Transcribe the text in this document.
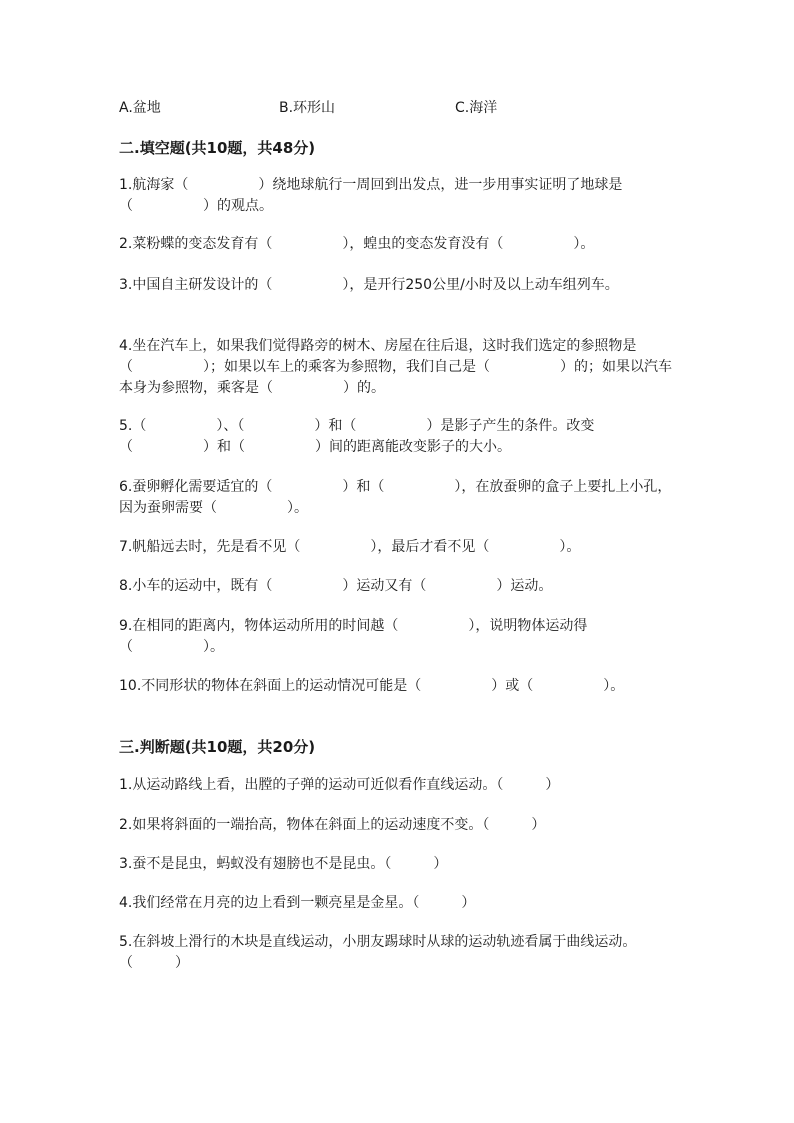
A.盆地	B.环形山	C.海洋
二.填空题(共10题，共48分)
1.航海家（　　　　　）绕地球航行一周回到出发点，进一步用事实证明了地球是（　　　　　）的观点。
2.菜粉蝶的变态发育有（　　　　　），蝗虫的变态发育没有（　　　　　）。
3.中国自主研发设计的（　　　　　），是开行250公里/小时及以上动车组列车。
4.坐在汽车上，如果我们觉得路旁的树木、房屋在往后退，这时我们选定的参照物是（　　　　　）；如果以车上的乘客为参照物，我们自己是（　　　　　）的；如果以汽车本身为参照物，乘客是（　　　　　）的。
5.（　　　　　）、（　　　　　）和（　　　　　）是影子产生的条件。改变（　　　　　）和（　　　　　）间的距离能改变影子的大小。
6.蚕卵孵化需要适宜的（　　　　　）和（　　　　　），在放蚕卵的盒子上要扎上小孔，因为蚕卵需要（　　　　　）。
7.帆船远去时，先是看不见（　　　　　），最后才看不见（　　　　　）。
8.小车的运动中，既有（　　　　　）运动又有（　　　　　）运动。
9.在相同的距离内，物体运动所用的时间越（　　　　　），说明物体运动得（　　　　　）。
10.不同形状的物体在斜面上的运动情况可能是（　　　　　）或（　　　　　）。
三.判断题(共10题，共20分)
1.从运动路线上看，出膛的子弹的运动可近似看作直线运动。（　　　）
2.如果将斜面的一端抬高，物体在斜面上的运动速度不变。（　　　）
3.蚕不是昆虫，蚂蚁没有翅膀也不是昆虫。（　　　）
4.我们经常在月亮的边上看到一颗亮星是金星。（　　　）
5.在斜坡上滑行的木块是直线运动，小朋友踢球时从球的运动轨迹看属于曲线运动。（　　　）
